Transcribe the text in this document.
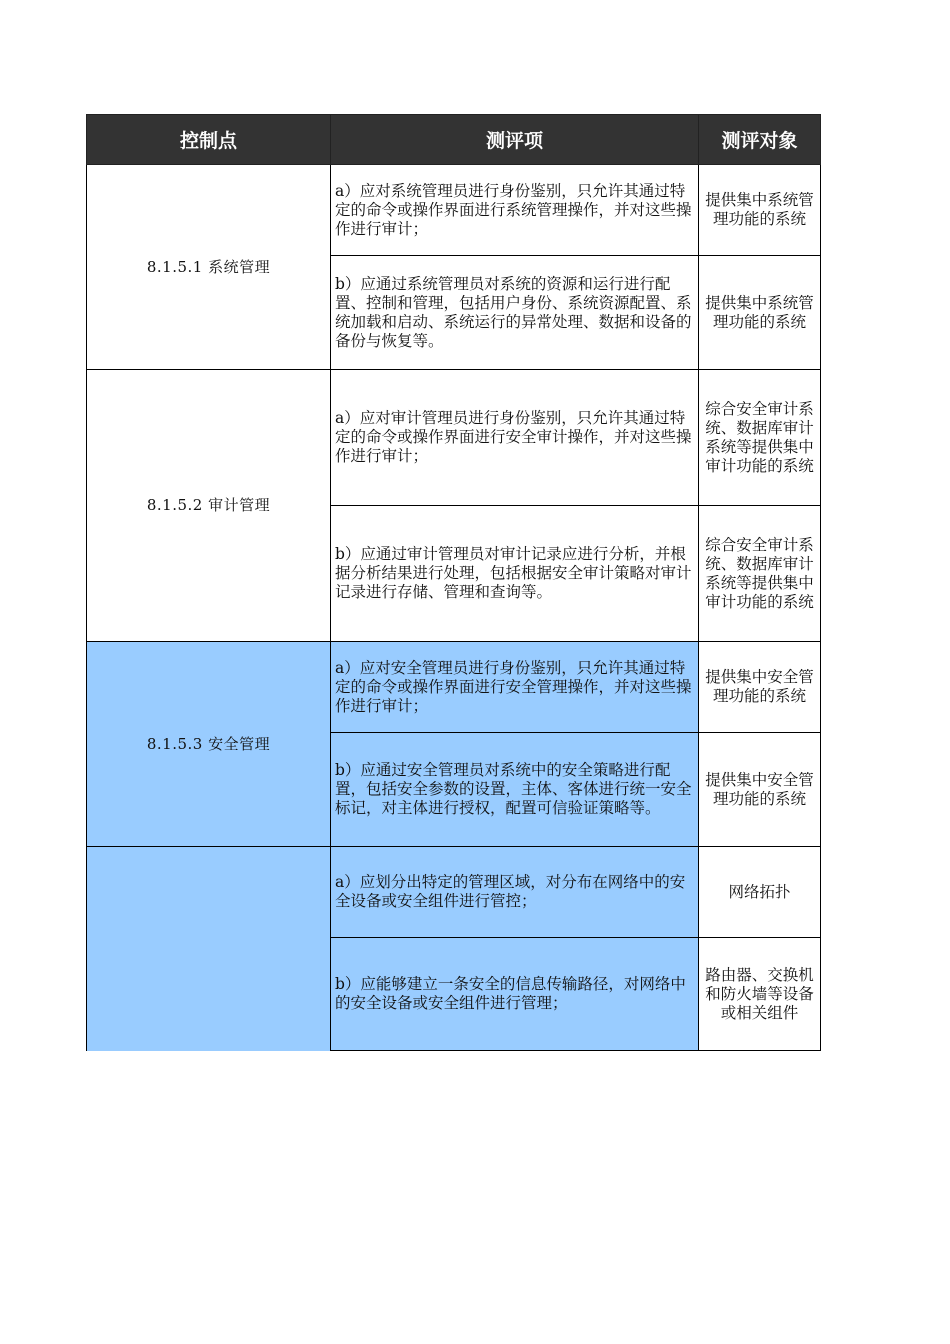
控制点	测评项	测评对象
8.1.5.1 系统管理	a）应对系统管理员进行身份鉴别，只允许其通过特定的命令或操作界面进行系统管理操作，并对这些操作进行审计；	提供集中系统管理功能的系统
	b）应通过系统管理员对系统的资源和运行进行配置、控制和管理，包括用户身份、系统资源配置、系统加载和启动、系统运行的异常处理、数据和设备的备份与恢复等。	提供集中系统管理功能的系统
8.1.5.2 审计管理	a）应对审计管理员进行身份鉴别，只允许其通过特定的命令或操作界面进行安全审计操作，并对这些操作进行审计；	综合安全审计系统、数据库审计系统等提供集中审计功能的系统
	b）应通过审计管理员对审计记录应进行分析，并根据分析结果进行处理，包括根据安全审计策略对审计记录进行存储、管理和查询等。	综合安全审计系统、数据库审计系统等提供集中审计功能的系统
8.1.5.3 安全管理	a）应对安全管理员进行身份鉴别，只允许其通过特定的命令或操作界面进行安全管理操作，并对这些操作进行审计；	提供集中安全管理功能的系统
	b）应通过安全管理员对系统中的安全策略进行配置，包括安全参数的设置，主体、客体进行统一安全标记，对主体进行授权，配置可信验证策略等。	提供集中安全管理功能的系统
	a）应划分出特定的管理区域，对分布在网络中的安全设备或安全组件进行管控；	网络拓扑
	b）应能够建立一条安全的信息传输路径，对网络中的安全设备或安全组件进行管理；	路由器、交换机和防火墙等设备或相关组件
